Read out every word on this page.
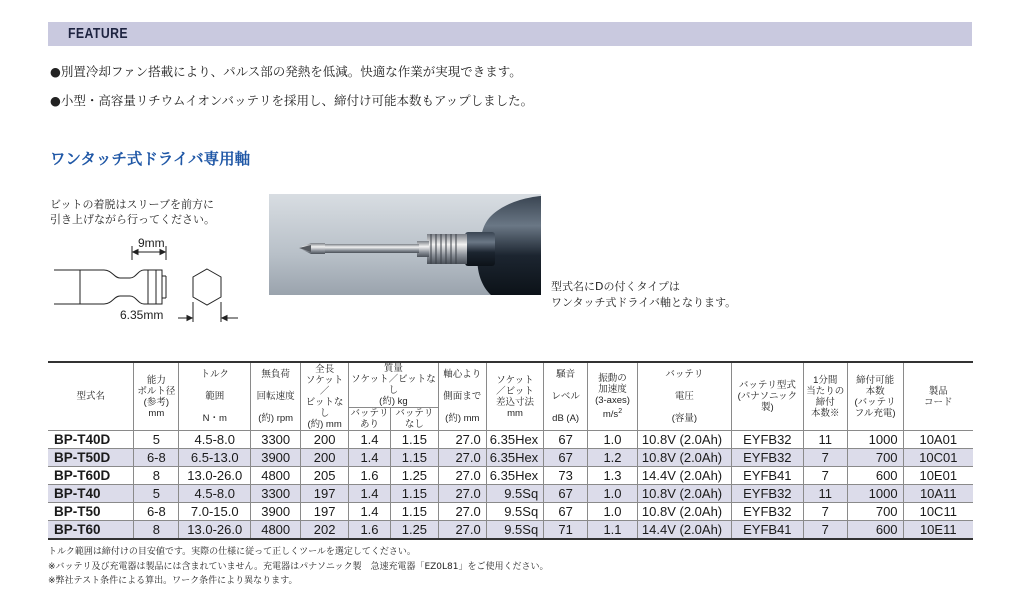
FEATURE
●別置冷却ファン搭載により、パルス部の発熱を低減。快適な作業が実現できます。
●小型・高容量リチウムイオンバッテリを採用し、締付け可能本数もアップしました。
ワンタッチ式ドライバ専用軸
ビットの着脱はスリーブを前方に
引き上げながら行ってください。
9mm
6.35mm
型式名にDの付くタイプは
ワンタッチ式ドライバ軸となります。
型式名	能力
ボルト径
(参考)
mm	トルク

範囲

N・m	無負荷

回転速度

(約) rpm	全長
ソケット／
ビットなし
(約) mm	質量
ソケット／ビットなし
(約) kg		軸心より

側面まで

(約) mm	ソケット
／ビット
差込寸法
mm	騒音

レベル

dB (A)	振動の
加速度
(3-axes)
$m/s^2$	バッテリ

電圧

(容量)	バッテリ型式
(パナソニック製)	1分間
当たりの
締付
本数※	締付可能
本数
(バッテリ
フル充電)	製品
コード
					バッテリあり	バッテリなし									
BP-T40D	5	4.5-8.0	3300	200	1.4	1.15	27.0	6.35Hex	67	1.0	10.8V (2.0Ah)	EYFB32	11	1000	10A01
BP-T50D	6-8	6.5-13.0	3900	200	1.4	1.15	27.0	6.35Hex	67	1.2	10.8V (2.0Ah)	EYFB32	7	700	10C01
BP-T60D	8	13.0-26.0	4800	205	1.6	1.25	27.0	6.35Hex	73	1.3	14.4V (2.0Ah)	EYFB41	7	600	10E01
BP-T40	5	4.5-8.0	3300	197	1.4	1.15	27.0	9.5Sq	67	1.0	10.8V (2.0Ah)	EYFB32	11	1000	10A11
BP-T50	6-8	7.0-15.0	3900	197	1.4	1.15	27.0	9.5Sq	67	1.0	10.8V (2.0Ah)	EYFB32	7	700	10C11
BP-T60	8	13.0-26.0	4800	202	1.6	1.25	27.0	9.5Sq	71	1.1	14.4V (2.0Ah)	EYFB41	7	600	10E11
トルク範囲は締付けの目安値です。実際の仕様に従って正しくツールを選定してください。
※バッテリ及び充電器は製品には含まれていません。充電器はパナソニック製　急速充電器「EZ0L81」をご使用ください。
※弊社テスト条件による算出。ワーク条件により異なります。
